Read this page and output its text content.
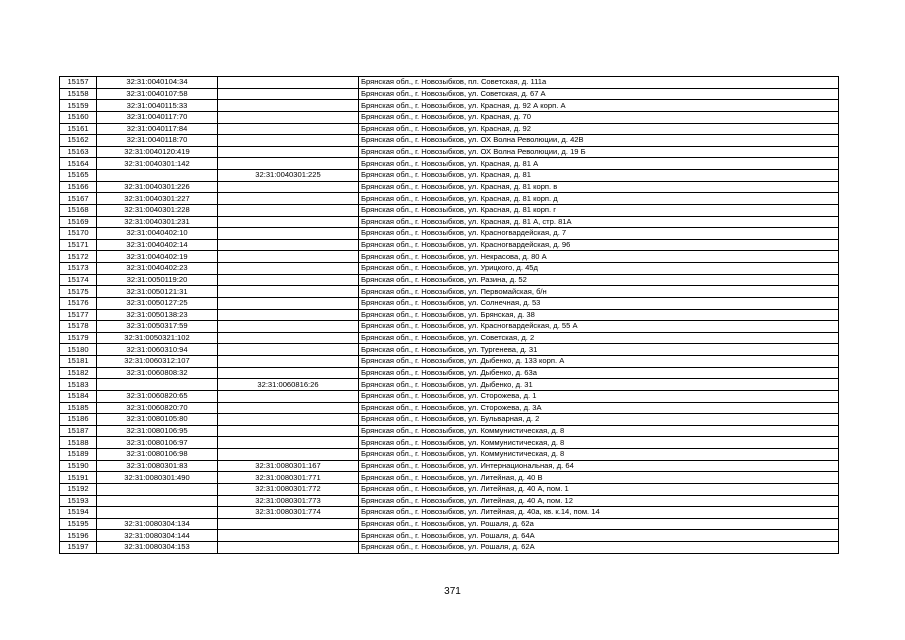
15157	32:31:0040104:34		Брянская обл., г. Новозыбков, пл. Советская, д. 111а
15158	32:31:0040107:58		Брянская обл., г. Новозыбков, ул. Советская, д. 67 А
15159	32:31:0040115:33		Брянская обл., г. Новозыбков, ул. Красная, д. 92 А корп. А
15160	32:31:0040117:70		Брянская обл., г. Новозыбков, ул. Красная, д. 70
15161	32:31:0040117:84		Брянская обл., г. Новозыбков, ул. Красная, д. 92
15162	32:31:0040118:70		Брянская обл., г. Новозыбков, ул. ОХ Волна Революции, д. 42В
15163	32:31:0040120:419		Брянская обл., г. Новозыбков, ул. ОХ Волна Революции, д. 19 Б
15164	32:31:0040301:142		Брянская обл., г. Новозыбков, ул. Красная, д. 81 А
15165		32:31:0040301:225	Брянская обл., г. Новозыбков, ул. Красная, д. 81
15166	32:31:0040301:226		Брянская обл., г. Новозыбков, ул. Красная, д. 81 корп. в
15167	32:31:0040301:227		Брянская обл., г. Новозыбков, ул. Красная, д. 81 корп. д
15168	32:31:0040301:228		Брянская обл., г. Новозыбков, ул. Красная, д. 81 корп. г
15169	32:31:0040301:231		Брянская обл., г. Новозыбков, ул. Красная, д. 81 А, стр. 81А
15170	32:31:0040402:10		Брянская обл., г. Новозыбков, ул. Красногвардейская, д. 7
15171	32:31:0040402:14		Брянская обл., г. Новозыбков, ул. Красногвардейская, д. 96
15172	32:31:0040402:19		Брянская обл., г. Новозыбков, ул. Некрасова, д. 80 А
15173	32:31:0040402:23		Брянская обл., г. Новозыбков, ул. Урицкого, д. 45д
15174	32:31:0050119:20		Брянская обл., г. Новозыбков, ул. Разина, д. 52
15175	32:31:0050121:31		Брянская обл., г. Новозыбков, ул. Первомайская, б/н
15176	32:31:0050127:25		Брянская обл., г. Новозыбков, ул. Солнечная, д. 53
15177	32:31:0050138:23		Брянская обл., г. Новозыбков, ул. Брянская, д. 38
15178	32:31:0050317:59		Брянская обл., г. Новозыбков, ул. Красногвардейская, д. 55 А
15179	32:31:0050321:102		Брянская обл., г. Новозыбков, ул. Советская, д. 2
15180	32:31:0060310:94		Брянская обл., г. Новозыбков, ул. Тургенева, д. 31
15181	32:31:0060312:107		Брянская обл., г. Новозыбков, ул. Дыбенко, д. 133 корп. А
15182	32:31:0060808:32		Брянская обл., г. Новозыбков, ул. Дыбенко, д. 63а
15183		32:31:0060816:26	Брянская обл., г. Новозыбков, ул. Дыбенко, д. 31
15184	32:31:0060820:65		Брянская обл., г. Новозыбков, ул. Сторожева, д. 1
15185	32:31:0060820:70		Брянская обл., г. Новозыбков, ул. Сторожева, д. 3А
15186	32:31:0080105:80		Брянская обл., г. Новозыбков, ул. Бульварная, д. 2
15187	32:31:0080106:95		Брянская обл., г. Новозыбков, ул. Коммунистическая, д. 8
15188	32:31:0080106:97		Брянская обл., г. Новозыбков, ул. Коммунистическая, д. 8
15189	32:31:0080106:98		Брянская обл., г. Новозыбков, ул. Коммунистическая, д. 8
15190	32:31:0080301:83	32:31:0080301:167	Брянская обл., г. Новозыбков, ул. Интернациональная, д. 64
15191	32:31:0080301:490	32:31:0080301:771	Брянская обл., г. Новозыбков, ул. Литейная, д. 40 В
15192		32:31:0080301:772	Брянская обл., г. Новозыбков, ул. Литейная, д. 40 А, пом. 1
15193		32:31:0080301:773	Брянская обл., г. Новозыбков, ул. Литейная, д. 40 А, пом. 12
15194		32:31:0080301:774	Брянская обл., г. Новозыбков, ул. Литейная, д. 40а, кв. к.14, пом. 14
15195	32:31:0080304:134		Брянская обл., г. Новозыбков, ул. Рошаля, д. 62а
15196	32:31:0080304:144		Брянская обл., г. Новозыбков, ул. Рошаля, д. 64А
15197	32:31:0080304:153		Брянская обл., г. Новозыбков, ул. Рошаля, д. 62А
371
